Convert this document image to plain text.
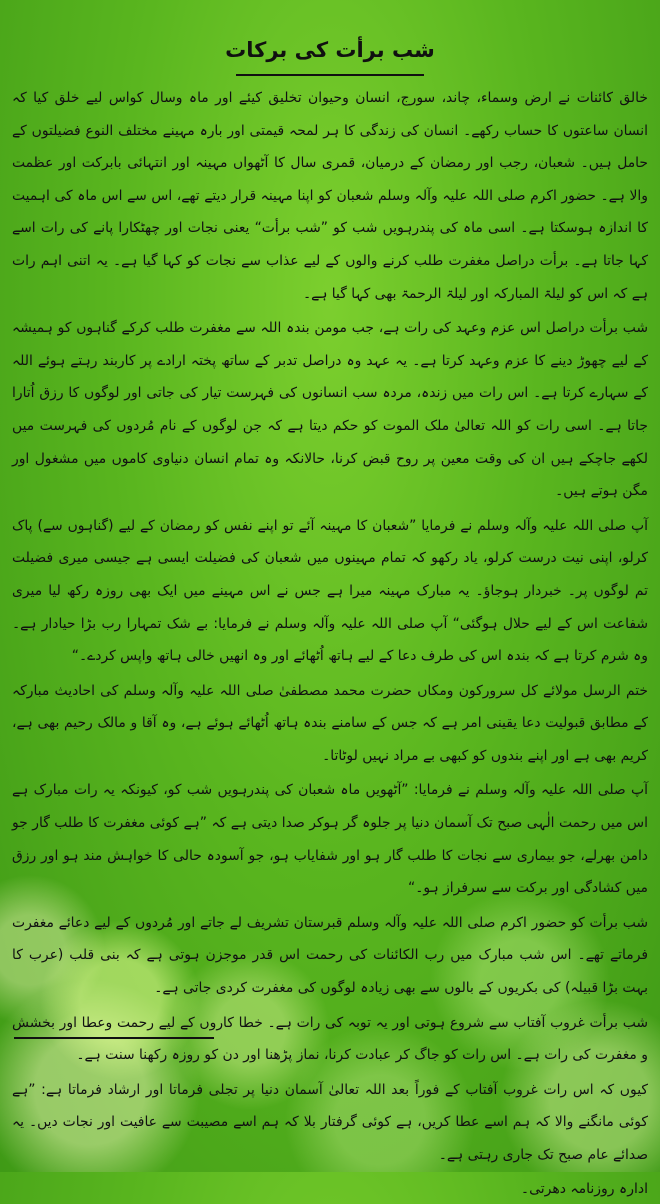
شب برأت کی برکات
خالق کائنات نے ارض وسماء، چاند، سورج، انسان وحیوان تخلیق کیئے اور ماہ وسال کواس لیے خلق کیا کہ انسان ساعتوں کا حساب رکھے۔ انسان کی زندگی کا ہر لمحہ قیمتی اور بارہ مہینے مختلف النوع فضیلتوں کے حامل ہیں۔ شعبان، رجب اور رمضان کے درمیان، قمری سال کا آٹھواں مہینہ اور انتہائی بابرکت اور عظمت والا ہے۔ حضور اکرم صلی اللہ علیہ وآلہ وسلم شعبان کو اپنا مہینہ قرار دیتے تھے، اس سے اس ماہ کی اہمیت کا اندازہ ہوسکتا ہے۔ اسی ماہ کی پندرہویں شب کو ”شب برأت“ یعنی نجات اور چھٹکارا پانے کی رات اسے کہا جاتا ہے۔ برأت دراصل مغفرت طلب کرنے والوں کے لیے عذاب سے نجات کو کہا گیا ہے۔ یہ اتنی اہم رات ہے کہ اس کو لیلۃ المبارکہ اور لیلۃ الرحمۃ بھی کہا گیا ہے۔
شب برأت دراصل اس عزم وعہد کی رات ہے، جب مومن بندہ اللہ سے مغفرت طلب کرکے گناہوں کو ہمیشہ کے لیے چھوڑ دینے کا عزم وعہد کرتا ہے۔ یہ عہد وہ دراصل تدبر کے ساتھ پختہ ارادے پر کاربند رہتے ہوئے اللہ کے سہارے کرتا ہے۔ اس رات میں زندہ، مردہ سب انسانوں کی فہرست تیار کی جاتی اور لوگوں کا رزق اُتارا جاتا ہے۔ اسی رات کو اللہ تعالیٰ ملک الموت کو حکم دیتا ہے کہ جن لوگوں کے نام مُردوں کی فہرست میں لکھے جاچکے ہیں ان کی وقت معین پر روح قبض کرنا، حالانکہ وہ تمام انسان دنیاوی کاموں میں مشغول اور مگن ہوتے ہیں۔
آپ صلی اللہ علیہ وآلہ وسلم نے فرمایا ”شعبان کا مہینہ آئے تو اپنے نفس کو رمضان کے لیے (گناہوں سے) پاک کرلو، اپنی نیت درست کرلو، یاد رکھو کہ تمام مہینوں میں شعبان کی فضیلت ایسی ہے جیسی میری فضیلت تم لوگوں پر۔ خبردار ہوجاؤ۔ یہ مبارک مہینہ میرا ہے جس نے اس مہینے میں ایک بھی روزہ رکھ لیا میری شفاعت اس کے لیے حلال ہوگئی“ آپ صلی اللہ علیہ وآلہ وسلم نے فرمایا: بے شک تمہارا رب بڑا حیادار ہے۔ وہ شرم کرتا ہے کہ بندہ اس کی طرف دعا کے لیے ہاتھ اُٹھائے اور وہ انھیں خالی ہاتھ واپس کردے۔“
ختم الرسل مولائے کل سرورکون ومکاں حضرت محمد مصطفیٰ صلی اللہ علیہ وآلہ وسلم کی احادیث مبارکہ کے مطابق قبولیت دعا یقینی امر ہے کہ جس کے سامنے بندہ ہاتھ اُٹھائے ہوئے ہے، وہ آقا و مالک رحیم بھی ہے، کریم بھی ہے اور اپنے بندوں کو کبھی بے مراد نہیں لوٹاتا۔
آپ صلی اللہ علیہ وآلہ وسلم نے فرمایا: ”آٹھویں ماہ شعبان کی پندرہویں شب کو، کیونکہ یہ رات مبارک ہے اس میں رحمت الٰہی صبح تک آسمان دنیا پر جلوہ گر ہوکر صدا دیتی ہے کہ ”ہے کوئی مغفرت کا طلب گار جو دامن بھرلے، جو بیماری سے نجات کا طلب گار ہو اور شفایاب ہو، جو آسودہ حالی کا خواہش مند ہو اور رزق میں کشادگی اور برکت سے سرفراز ہو۔“
شب برأت کو حضور اکرم صلی اللہ علیہ وآلہ وسلم قبرستان تشریف لے جاتے اور مُردوں کے لیے دعائے مغفرت فرماتے تھے۔ اس شب مبارک میں رب الکائنات کی رحمت اس قدر موجزن ہوتی ہے کہ بنی قلب (عرب کا بہت بڑا قبیلہ) کی بکریوں کے بالوں سے بھی زیادہ لوگوں کی مغفرت کردی جاتی ہے۔
شب برأت غروب آفتاب سے شروع ہوتی اور یہ توبہ کی رات ہے۔ خطا کاروں کے لیے رحمت وعطا اور بخشش و مغفرت کی رات ہے۔ اس رات کو جاگ کر عبادت کرنا، نماز پڑھنا اور دن کو روزہ رکھنا سنت ہے۔
کیوں کہ اس رات غروب آفتاب کے فوراً بعد اللہ تعالیٰ آسمان دنیا پر تجلی فرماتا اور ارشاد فرماتا ہے: ”ہے کوئی مانگنے والا کہ ہم اسے عطا کریں، ہے کوئی گرفتار بلا کہ ہم اسے مصیبت سے عافیت اور نجات دیں۔ یہ صدائے عام صبح تک جاری رہتی ہے۔
ادارہ روزنامہ دھرتی۔
